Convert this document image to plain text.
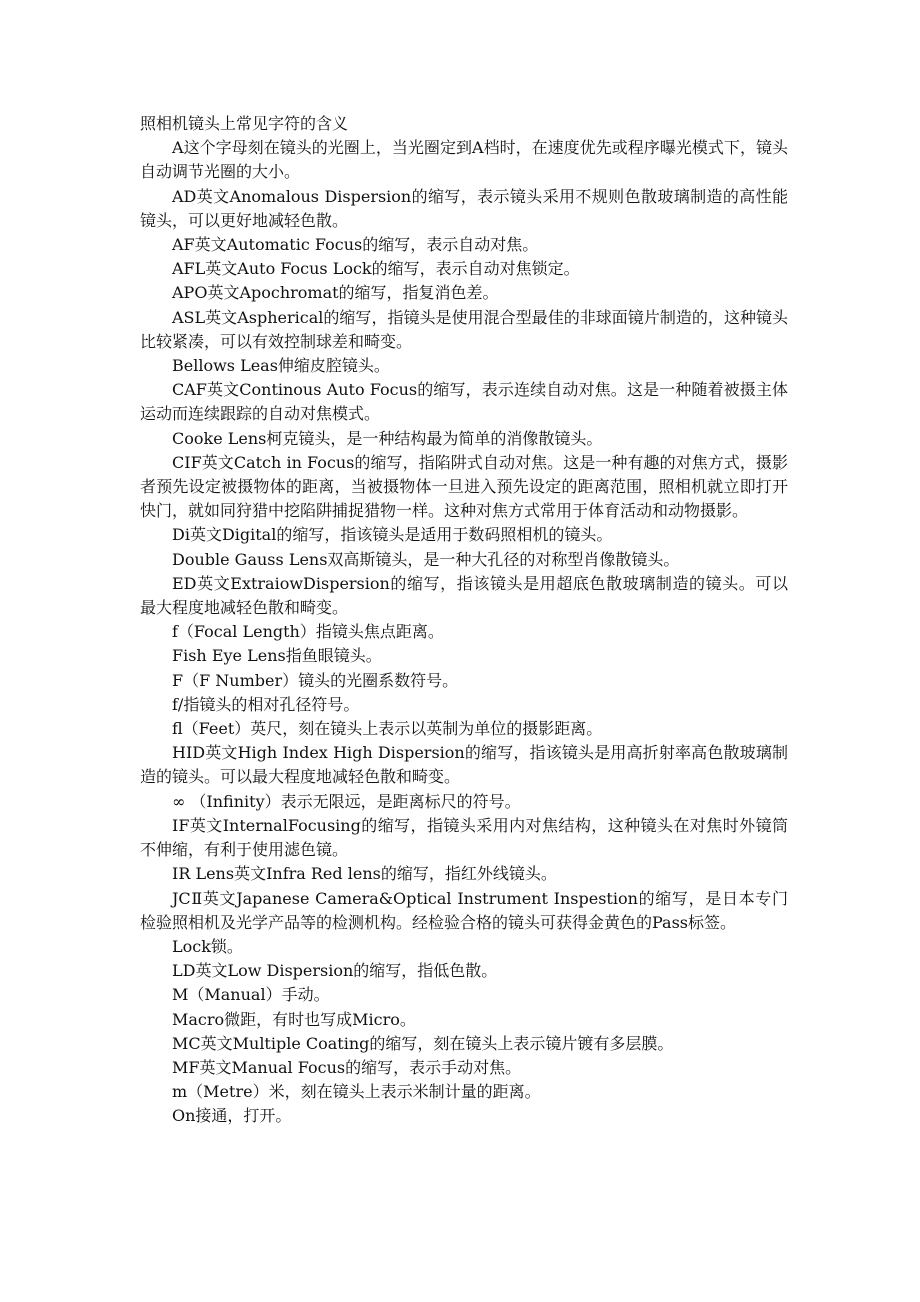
照相机镜头上常见字符的含义

A这个字母刻在镜头的光圈上，当光圈定到A档时，在速度优先或程序曝光模式下，镜头自动调节光圈的大小。

AD英文Anomalous Dispersion的缩写，表示镜头采用不规则色散玻璃制造的高性能镜头，可以更好地减轻色散。

AF英文Automatic Focus的缩写，表示自动对焦。

AFL英文Auto Focus Lock的缩写，表示自动对焦锁定。

APO英文Apochromat的缩写，指复消色差。

ASL英文Aspherical的缩写，指镜头是使用混合型最佳的非球面镜片制造的，这种镜头比较紧凑，可以有效控制球差和畸变。

Bellows Leas伸缩皮腔镜头。

CAF英文Continous Auto Focus的缩写，表示连续自动对焦。这是一种随着被摄主体运动而连续跟踪的自动对焦模式。

Cooke Lens柯克镜头，是一种结构最为简单的消像散镜头。

CIF英文Catch in Focus的缩写，指陷阱式自动对焦。这是一种有趣的对焦方式，摄影者预先设定被摄物体的距离，当被摄物体一旦进入预先设定的距离范围，照相机就立即打开快门，就如同狩猎中挖陷阱捕捉猎物一样。这种对焦方式常用于体育活动和动物摄影。

Di英文Digital的缩写，指该镜头是适用于数码照相机的镜头。

Double Gauss Lens双高斯镜头，是一种大孔径的对称型肖像散镜头。

ED英文ExtraiowDispersion的缩写，指该镜头是用超底色散玻璃制造的镜头。可以最大程度地减轻色散和畸变。

f（Focal Length）指镜头焦点距离。

Fish Eye Lens指鱼眼镜头。

F（F Number）镜头的光圈系数符号。

f/指镜头的相对孔径符号。

fl（Feet）英尺，刻在镜头上表示以英制为单位的摄影距离。

HID英文High Index High Dispersion的缩写，指该镜头是用高折射率高色散玻璃制造的镜头。可以最大程度地减轻色散和畸变。

∞ （Infinity）表示无限远，是距离标尺的符号。

IF英文InternalFocusing的缩写，指镜头采用内对焦结构，这种镜头在对焦时外镜筒不伸缩，有利于使用滤色镜。

IR Lens英文Infra Red lens的缩写，指红外线镜头。

JCⅡ英文Japanese Camera&Optical Instrument Inspestion的缩写，是日本专门检验照相机及光学产品等的检测机构。经检验合格的镜头可获得金黄色的Pass标签。

Lock锁。

LD英文Low Dispersion的缩写，指低色散。

M（Manual）手动。

Macro微距，有时也写成Micro。

MC英文Multiple Coating的缩写，刻在镜头上表示镜片镀有多层膜。

MF英文Manual Focus的缩写，表示手动对焦。

m（Metre）米，刻在镜头上表示米制计量的距离。

On接通，打开。
